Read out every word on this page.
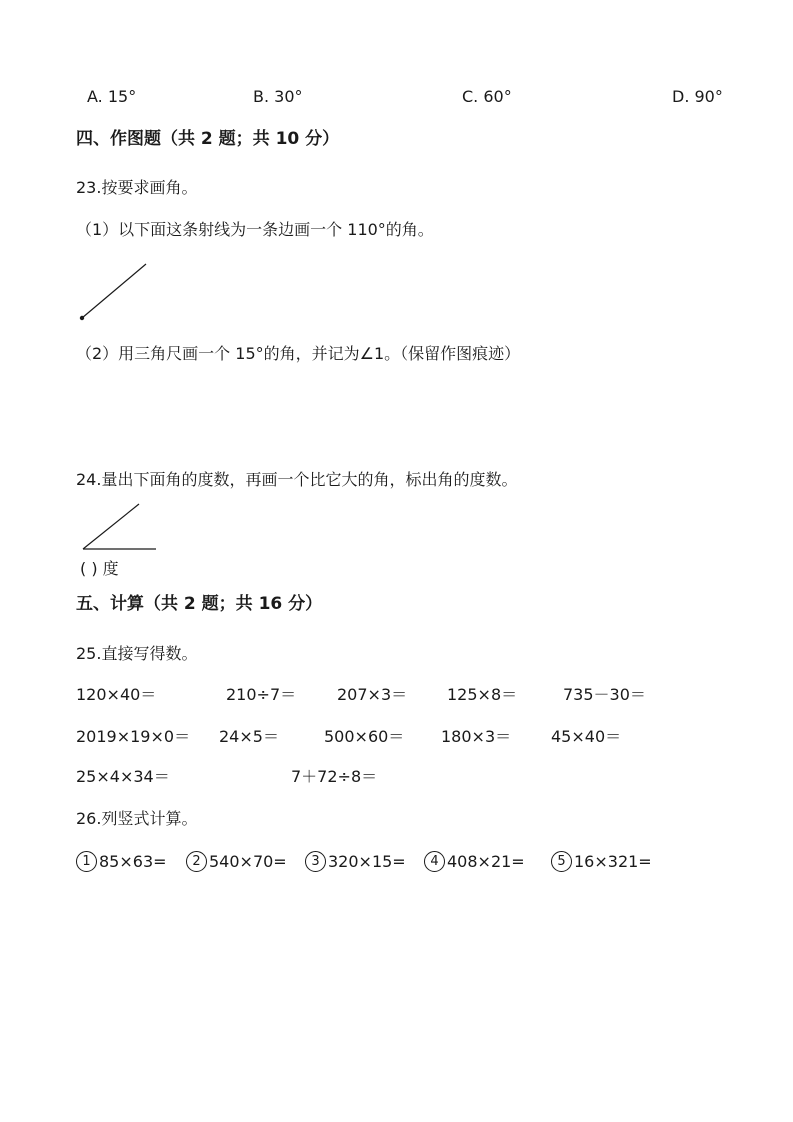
A. 15°	B. 30°	C. 60°	D. 90°
四、作图题（共 2 题；共 10 分）
23.按要求画角。
（1）以下面这条射线为一条边画一个 110°的角。
（2）用三角尺画一个 15°的角，并记为∠1。（保留作图痕迹）
24.量出下面角的度数，再画一个比它大的角，标出角的度数。
( ) 度
五、计算（共 2 题；共 16 分）
25.直接写得数。
120×40＝	210÷7＝	207×3＝ 125×8＝	735－30＝
2019×19×0＝ 24×5＝	500×60＝ 180×3＝ 45×40＝
25×4×34＝	7＋72÷8＝
26.列竖式计算。
1 85×63=	2 540×70=	3 320×15=	4 408×21=	5 16×321=
